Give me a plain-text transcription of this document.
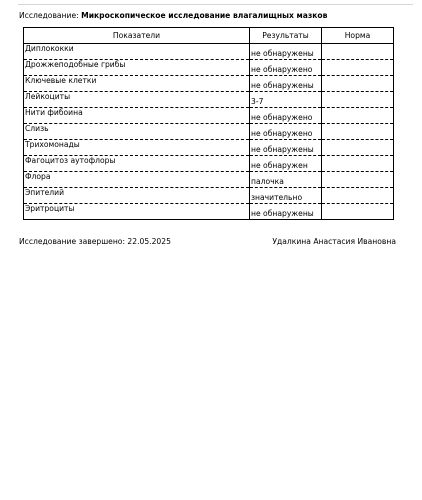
Исследование: Микроскопическое исследование влагалищных мазков
Показатели	Результаты	Норма
Диплококки	не обнаружены	
Дрожжеподобные грибы	не обнаружено	
Ключевые клетки	не обнаружены	
Лейкоциты	3-7	
Нити фибоина	не обнаружено	
Слизь	не обнаружено	
Трихомонады	не обнаружены	
Фагоцитоз аутофлоры	не обнаружен	
Флора	палочка	
Эпителий	значительно	
Эритроциты	не обнаружены	
Исследование завершено: 22.05.2025	Удалкина Анастасия Ивановна
